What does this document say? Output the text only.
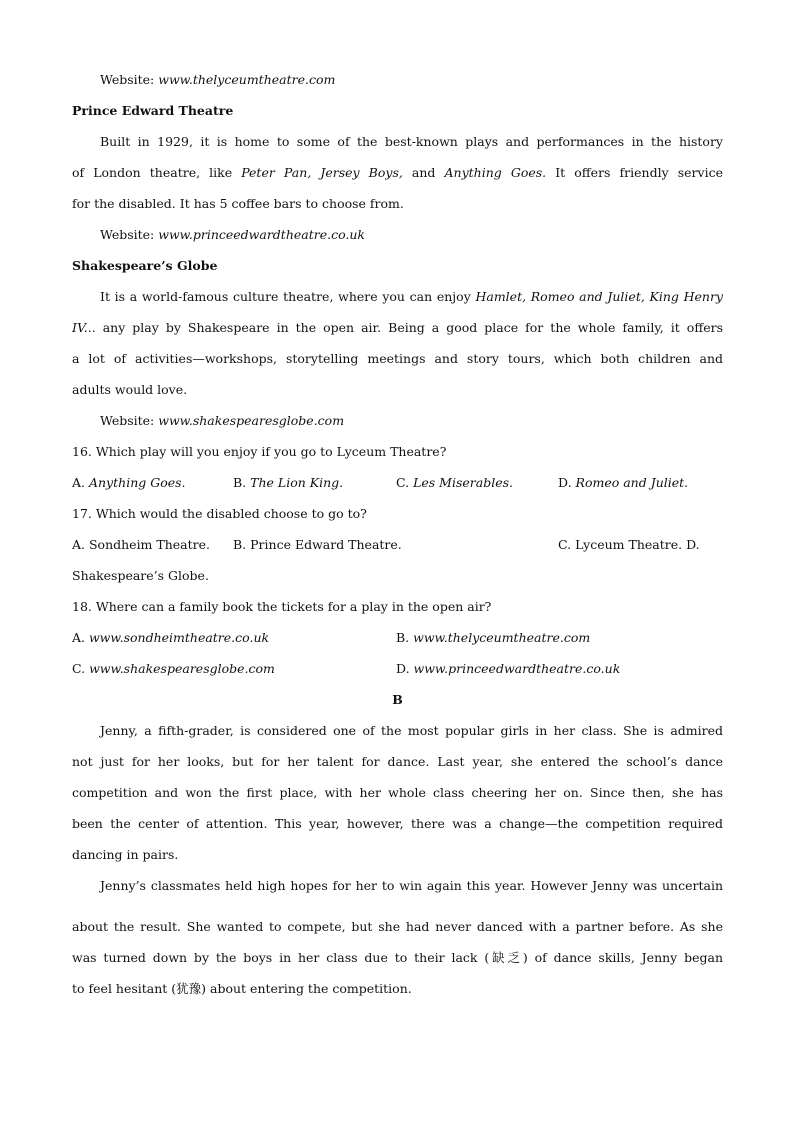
Website: www.thelyceumtheatre.com
Prince Edward Theatre
Built in 1929, it is home to some of the best-known plays and performances in the history
of London theatre, like Peter Pan, Jersey Boys, and Anything Goes. It offers friendly service
for the disabled. It has 5 coffee bars to choose from.
Website: www.princeedwardtheatre.co.uk
Shakespeare’s Globe
It is a world-famous culture theatre, where you can enjoy Hamlet, Romeo and Juliet, King Henry
IV... any play by Shakespeare in the open air. Being a good place for the whole family, it offers
a lot of activities—workshops, storytelling meetings and story tours, which both children and
adults would love.
Website: www.shakespearesglobe.com
16. Which play will you enjoy if you go to Lyceum Theatre?
A. Anything Goes.	B. The Lion King.	C. Les Miserables.	D. Romeo and Juliet.
17. Which would the disabled choose to go to?
A. Sondheim Theatre. B. Prince Edward Theatre.	C. Lyceum Theatre. D.
Shakespeare’s Globe.
18. Where can a family book the tickets for a play in the open air?
A. www.sondheimtheatre.co.uk	B. www.thelyceumtheatre.com
C. www.shakespearesglobe.com	D. www.princeedwardtheatre.co.uk
B
Jenny, a fifth-grader, is considered one of the most popular girls in her class. She is admired
not just for her looks, but for her talent for dance. Last year, she entered the school’s dance
competition and won the first place, with her whole class cheering her on. Since then, she has
been the center of attention. This year, however, there was a change—the competition required
dancing in pairs.
Jenny’s classmates held high hopes for her to win again this year. However Jenny was uncertain
about the result. She wanted to compete, but she had never danced with a partner before. As she
was turned down by the boys in her class due to their lack (缺乏) of dance skills, Jenny began
to feel hesitant (犹豫) about entering the competition.
